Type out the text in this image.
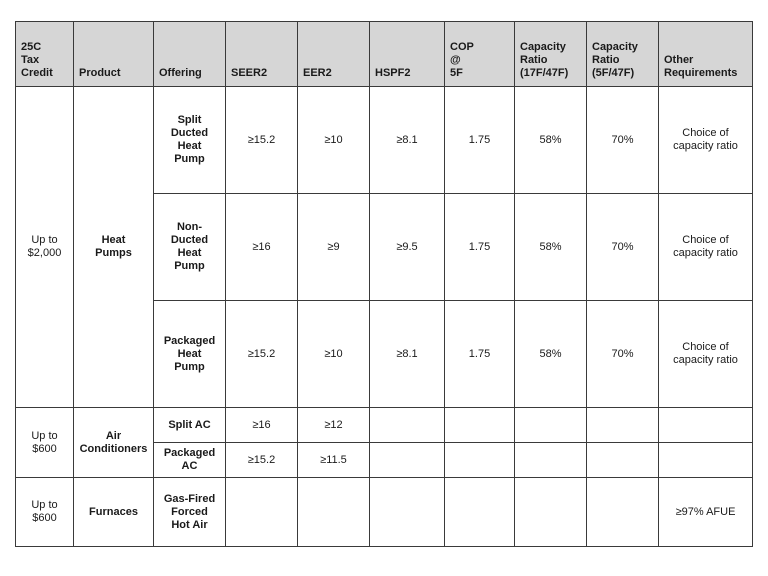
25C
Tax
Credit	Product	Offering	SEER2	EER2	HSPF2	COP
@
5F	Capacity
Ratio
(17F/47F)	Capacity
Ratio
(5F/47F)	Other
Requirements

Up to
$2,000	Heat
Pumps	Split
Ducted
Heat
Pump	≥15.2	≥10	≥8.1	1.75	58%	70%	Choice of
capacity ratio

		Non-
Ducted
Heat
Pump	≥16	≥9	≥9.5	1.75	58%	70%	Choice of
capacity ratio

		Packaged
Heat
Pump	≥15.2	≥10	≥8.1	1.75	58%	70%	Choice of
capacity ratio

Up to
$600	Air
Conditioners	Split AC	≥16	≥12					

		Packaged
AC	≥15.2	≥11.5					

Up to
$600	Furnaces	Gas-Fired
Forced
Hot Air							≥97% AFUE
